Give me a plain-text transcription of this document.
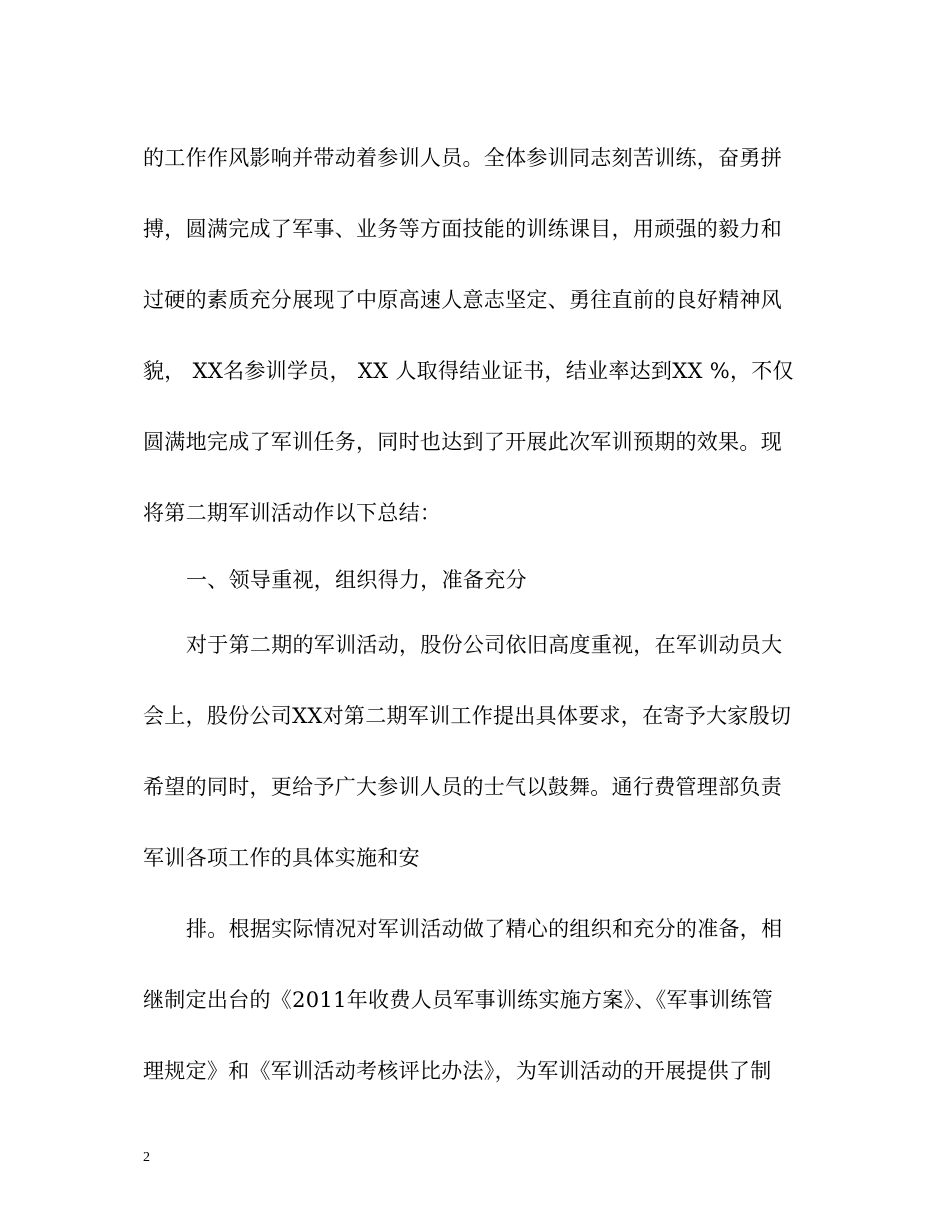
的工作作风影响并带动着参训人员。全体参训同志刻苦训练，奋勇拼
搏，圆满完成了军事、业务等方面技能的训练课目，用顽强的毅力和
过硬的素质充分展现了中原高速人意志坚定、勇往直前的良好精神风
貌， XX名参训学员， XX 人取得结业证书，结业率达到XX %，不仅
圆满地完成了军训任务，同时也达到了开展此次军训预期的效果。现
将第二期军训活动作以下总结：
一、领导重视，组织得力，准备充分
对于第二期的军训活动，股份公司依旧高度重视，在军训动员大
会上，股份公司XX对第二期军训工作提出具体要求，在寄予大家殷切
希望的同时，更给予广大参训人员的士气以鼓舞。通行费管理部负责
军训各项工作的具体实施和安
排。根据实际情况对军训活动做了精心的组织和充分的准备，相
继制定出台的《2011年收费人员军事训练实施方案》、《军事训练管
理规定》和《军训活动考核评比办法》，为军训活动的开展提供了制
2
